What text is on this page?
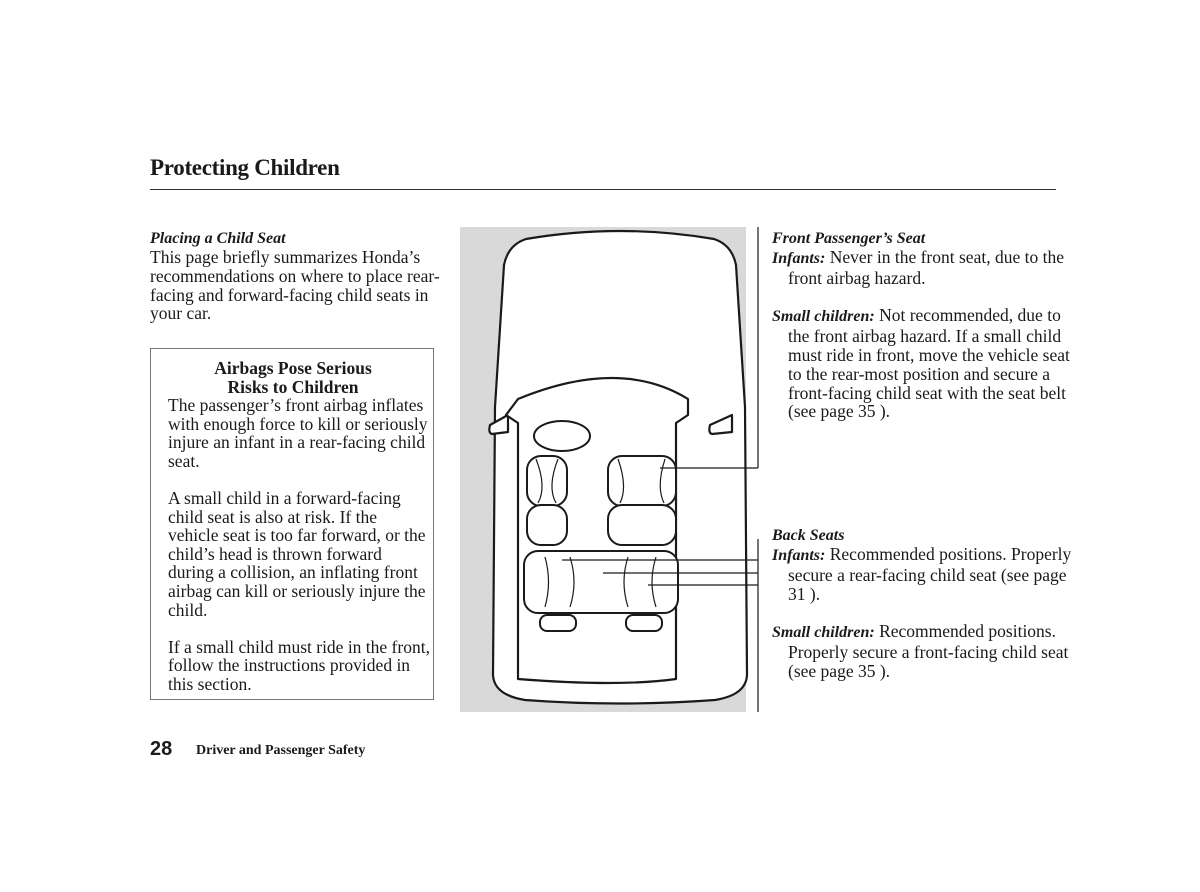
Protecting Children
Placing a Child Seat

This page briefly summarizes Honda’s recommendations on where to place rear-facing and forward-facing child seats in your car.

Airbags Pose Serious
Risks to Children

The passenger’s front airbag inflates with enough force to kill or seriously injure an infant in a rear-facing child seat.

A small child in a forward-facing child seat is also at risk. If the vehicle seat is too far forward, or the child’s head is thrown forward during a collision, an inflating front airbag can kill or seriously injure the child.

If a small child must ride in the front, follow the instructions provided in this section.

Front Passenger’s Seat

Infants: Never in the front seat, due to the front airbag hazard.

Small children: Not recommended, due to the front airbag hazard. If a small child must ride in front, move the vehicle seat to the rear-most position and secure a front-facing child seat with the seat belt (see page 35 ).

Back Seats

Infants: Recommended positions. Properly secure a rear-facing child seat (see page 31 ).

Small children: Recommended positions. Properly secure a front-facing child seat (see page 35 ).

28 Driver and Passenger Safety
